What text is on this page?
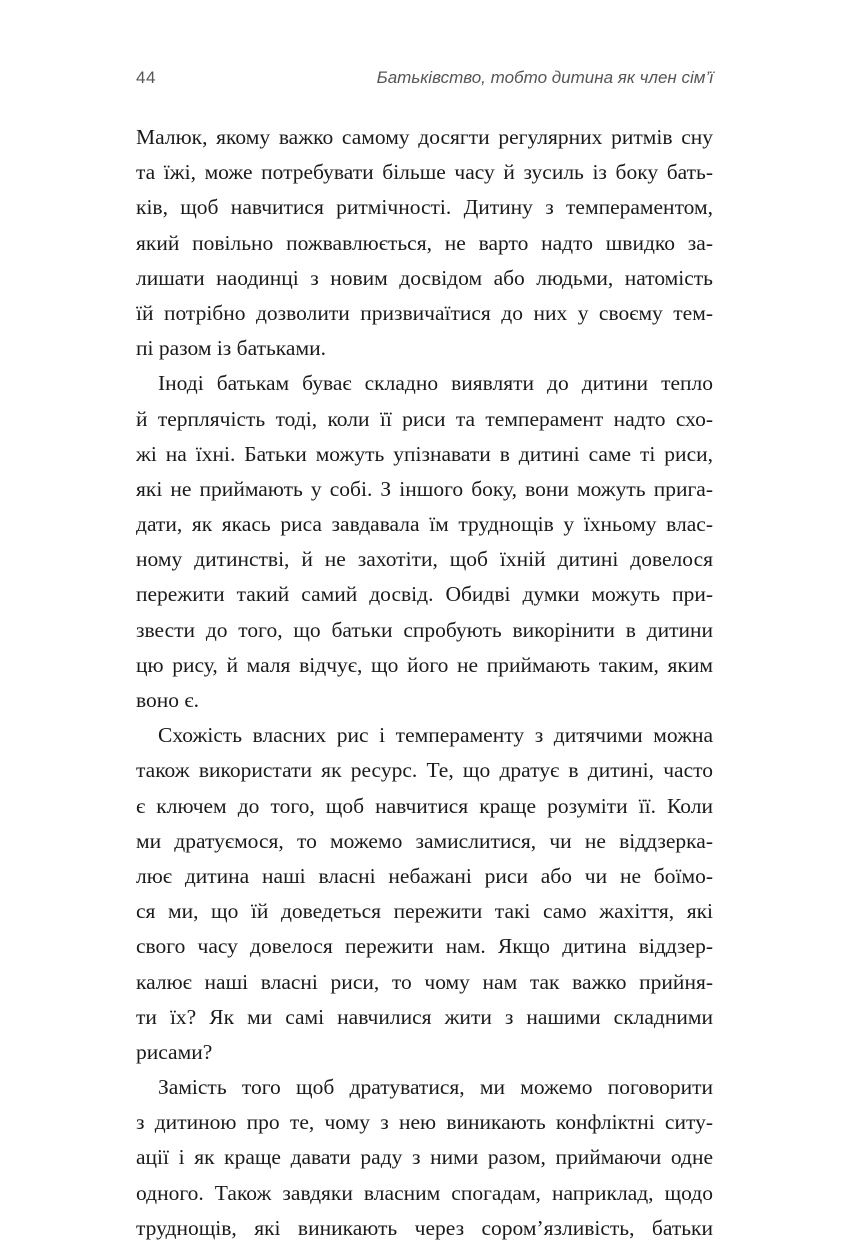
44	Батьківство, тобто дитина як член сім’ї
Малюк, якому важко самому досягти регулярних ритмів сну
та їжі, може потребувати більше часу й зусиль із боку бать-
ків, щоб навчитися ритмічності. Дитину з темпераментом,
який повільно пожвавлюється, не варто надто швидко за-
лишати наодинці з новим досвідом або людьми, натомість
їй потрібно дозволити призвичаїтися до них у своєму тем-
пі разом із батьками.
Іноді батькам буває складно виявляти до дитини тепло
й терплячість тоді, коли її риси та темперамент надто схо-
жі на їхні. Батьки можуть упізнавати в дитині саме ті риси,
які не приймають у собі. З іншого боку, вони можуть пригa-
дати, як якась риса завдавала їм труднощів у їхньому влас-
ному дитинстві, й не захотіти, щоб їхній дитині довелося
пережити такий самий досвід. Обидві думки можуть при-
звести до того, що батьки спробують викорінити в дитини
цю рису, й маля відчує, що його не приймають таким, яким
воно є.
Схожість власних рис і темпераменту з дитячими можна
також використати як ресурс. Те, що дратує в дитині, часто
є ключем до того, щоб навчитися краще розуміти її. Коли
ми дратуємося, то можемо замислитися, чи не віддзерка-
лює дитина наші власні небажані риси або чи не боїмо-
ся ми, що їй доведеться пережити такі само жахіття, які
свого часу довелося пережити нам. Якщо дитина віддзер-
калює наші власні риси, то чому нам так важко прийня-
ти їх? Як ми самі навчилися жити з нашими складними
рисами?
Замість того щоб дратуватися, ми можемо поговорити
з дитиною про те, чому з нею виникають конфліктні ситу-
ації і як краще давати раду з ними разом, приймаючи одне
одного. Також завдяки власним спогадам, наприклад, щодо
труднощів, які виникають через сором’язливість, батьки
